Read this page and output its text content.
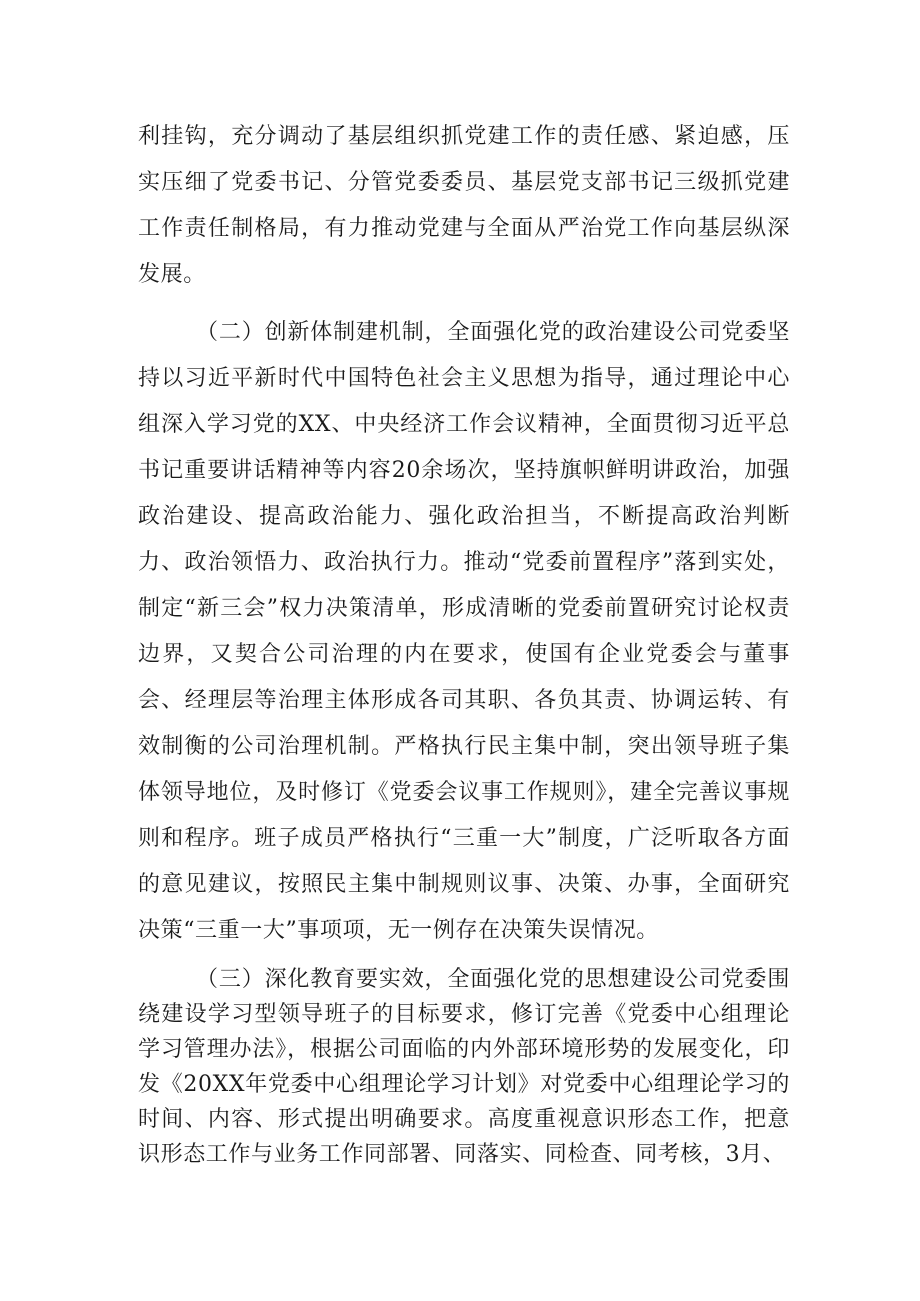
利挂钩，充分调动了基层组织抓党建工作的责任感、紧迫感，压实压细了党委书记、分管党委委员、基层党支部书记三级抓党建工作责任制格局，有力推动党建与全面从严治党工作向基层纵深发展。

（二）创新体制建机制，全面强化党的政治建设公司党委坚持以习近平新时代中国特色社会主义思想为指导，通过理论中心组深入学习党的XX、中央经济工作会议精神，全面贯彻习近平总书记重要讲话精神等内容20余场次，坚持旗帜鲜明讲政治，加强政治建设、提高政治能力、强化政治担当，不断提高政治判断力、政治领悟力、政治执行力。推动“党委前置程序”落到实处，制定“新三会”权力决策清单，形成清晰的党委前置研究讨论权责边界，又契合公司治理的内在要求，使国有企业党委会与董事会、经理层等治理主体形成各司其职、各负其责、协调运转、有效制衡的公司治理机制。严格执行民主集中制，突出领导班子集体领导地位，及时修订《党委会议事工作规则》，建全完善议事规则和程序。班子成员严格执行“三重一大”制度，广泛听取各方面的意见建议，按照民主集中制规则议事、决策、办事，全面研究决策“三重一大”事项项，无一例存在决策失误情况。

（三）深化教育要实效，全面强化党的思想建设公司党委围绕建设学习型领导班子的目标要求，修订完善《党委中心组理论学习管理办法》，根据公司面临的内外部环境形势的发展变化，印发《20XX年党委中心组理论学习计划》对党委中心组理论学习的时间、内容、形式提出明确要求。高度重视意识形态工作，把意识形态工作与业务工作同部署、同落实、同检查、同考核，3月、
